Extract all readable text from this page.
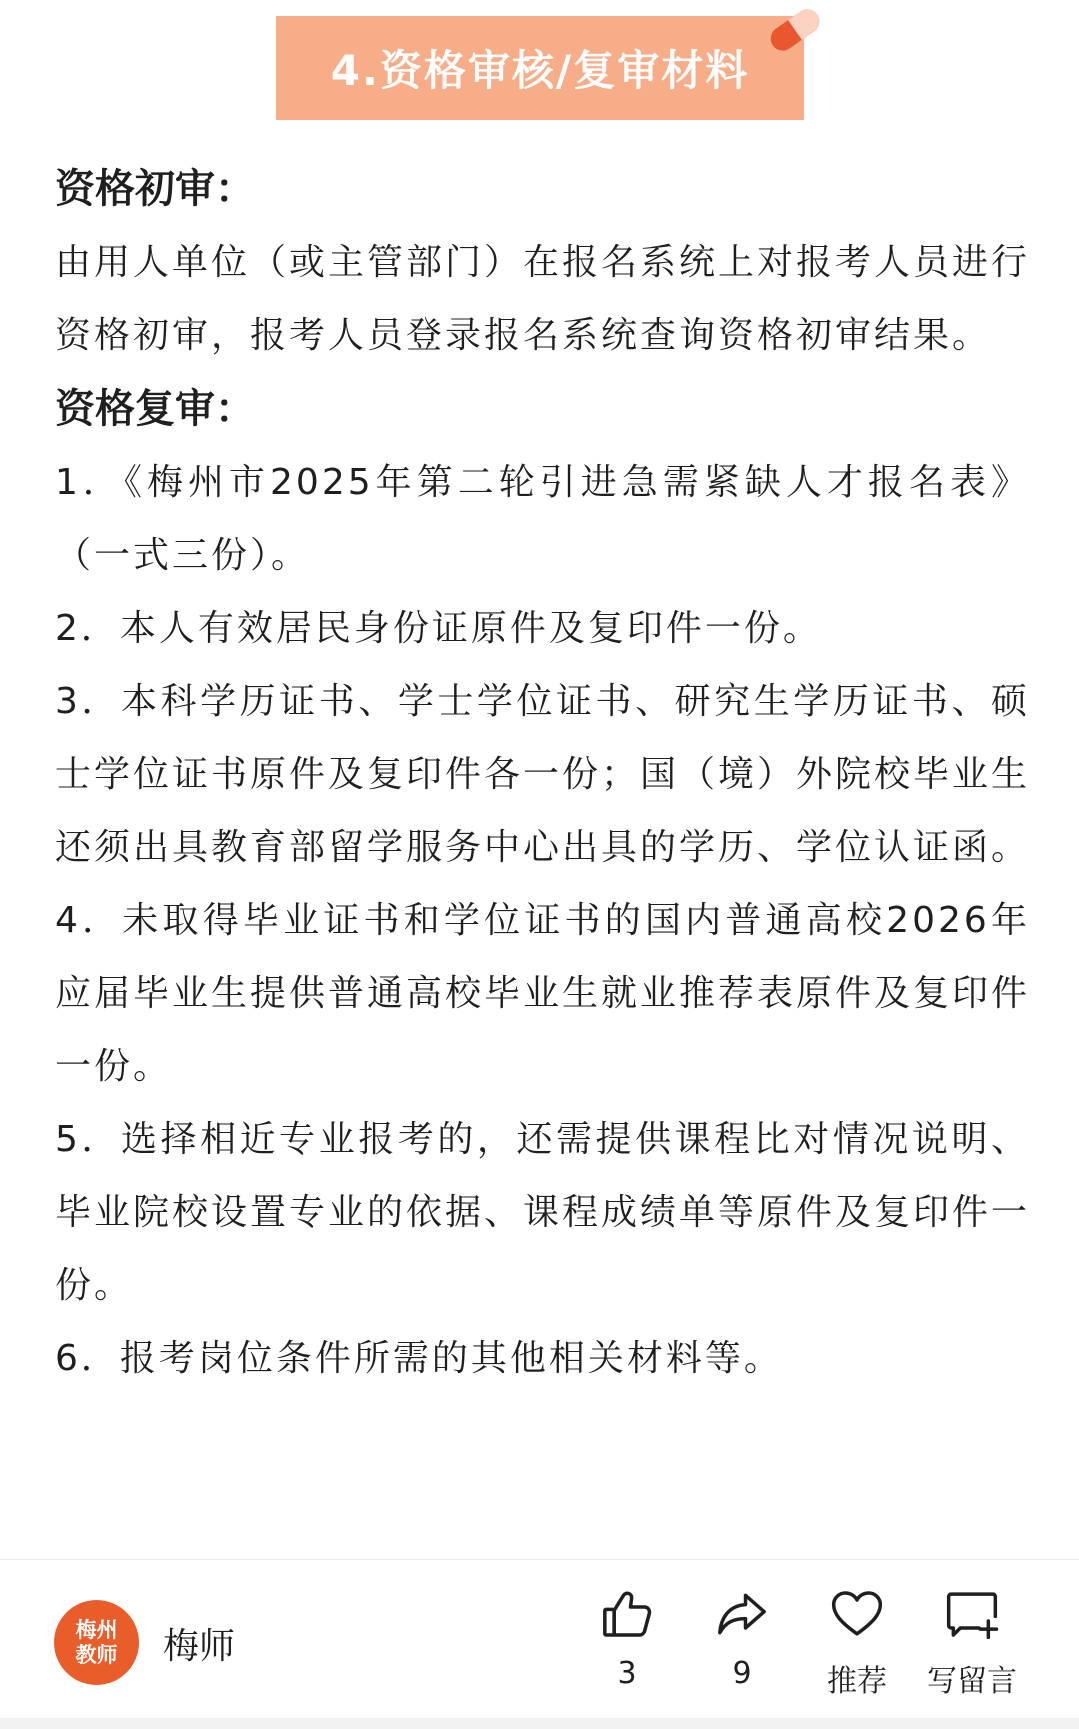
4.资格审核/复审材料
资格初审：

由用人单位（或主管部门）在报名系统上对报考人员进行资格初审，报考人员登录报名系统查询资格初审结果。

资格复审：

1．《梅州市2025年第二轮引进急需紧缺人才报名表》（一式三份）。

2．本人有效居民身份证原件及复印件一份。

3．本科学历证书、学士学位证书、研究生学历证书、硕士学位证书原件及复印件各一份；国（境）外院校毕业生还须出具教育部留学服务中心出具的学历、学位认证函。

4．未取得毕业证书和学位证书的国内普通高校2026年应届毕业生提供普通高校毕业生就业推荐表原件及复印件一份。

5．选择相近专业报考的，还需提供课程比对情况说明、毕业院校设置专业的依据、课程成绩单等原件及复印件一份。

6．报考岗位条件所需的其他相关材料等。

梅州
教师 梅师
3	9	推荐 写留言
